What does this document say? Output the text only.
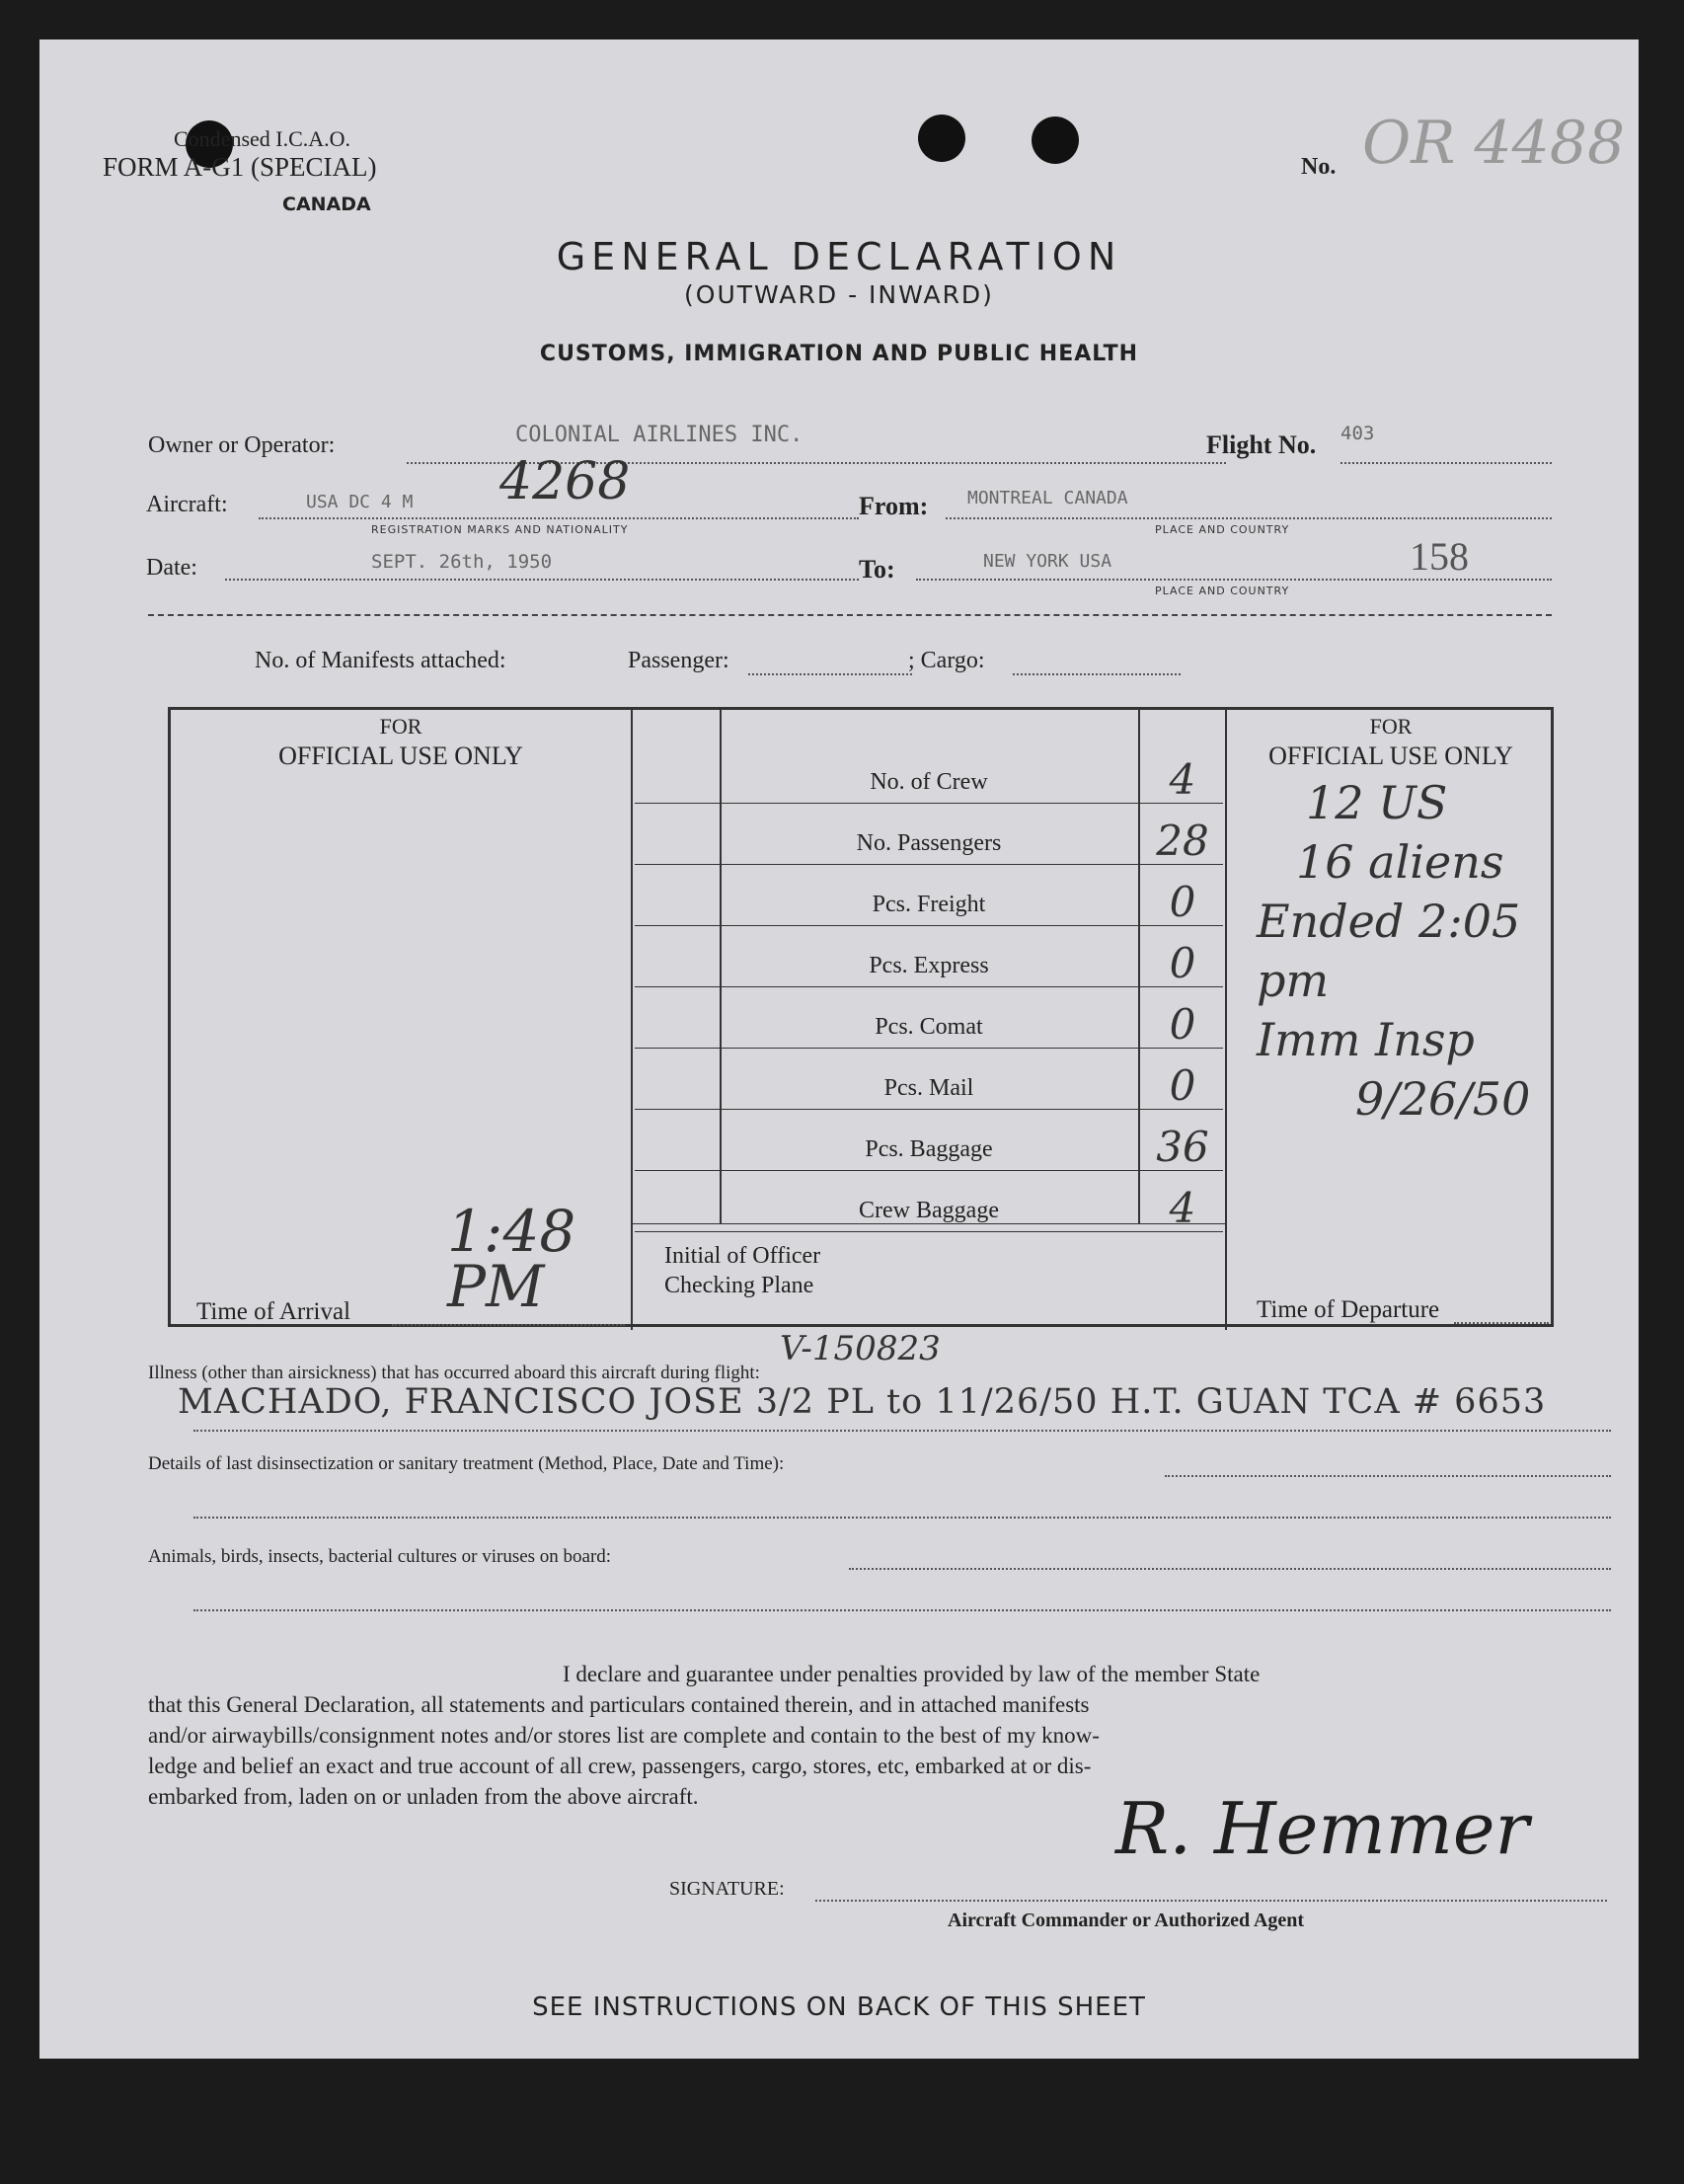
Condensed I.C.A.O.
FORM A-G1 (SPECIAL)
CANADA
No. OR 4488
GENERAL DECLARATION
(OUTWARD - INWARD)
CUSTOMS, IMMIGRATION AND PUBLIC HEALTH
Owner or Operator:	COLONIAL AIRLINES INC.	Flight No. 403
Aircraft:	USA DC 4 M 4268
REGISTRATION MARKS AND NATIONALITY
From: MONTREAL CANADA
PLACE AND COUNTRY
Date:	SEPT. 26th, 1950	To:	NEW YORK USA	158
PLACE AND COUNTRY
No. of Manifests attached:	Passenger:	; Cargo:
FOR
OFFICIAL USE ONLY
FOR
OFFICIAL USE ONLY
No. of Crew	4
No. Passengers	28
Pcs. Freight	0
Pcs. Express	0
Pcs. Comat	0
Pcs. Mail	0
Pcs. Baggage	36
Crew Baggage	4
Time of Arrival
1:48 PM	Initial of Officer
Checking Plane
Time of Departure
12 US
16 aliens
Ended 2:05 pm
Imm Insp
9/26/50
Illness (other than airsickness) that has occurred aboard this aircraft during flight:
V-150823
MACHADO, FRANCISCO JOSE 3/2 PL to 11/26/50 H.T. GUAN TCA # 6653
Details of last disinsectization or sanitary treatment (Method, Place, Date and Time):
Animals, birds, insects, bacterial cultures or viruses on board:
I declare and guarantee under penalties provided by law of the member State
that this General Declaration, all statements and particulars contained therein, and in attached manifests
and/or airwaybills/consignment notes and/or stores list are complete and contain to the best of my know-
ledge and belief an exact and true account of all crew, passengers, cargo, stores, etc, embarked at or dis-
embarked from, laden on or unladen from the above aircraft.
SIGNATURE:
R. Hemmer
Aircraft Commander or Authorized Agent
SEE INSTRUCTIONS ON BACK OF THIS SHEET
